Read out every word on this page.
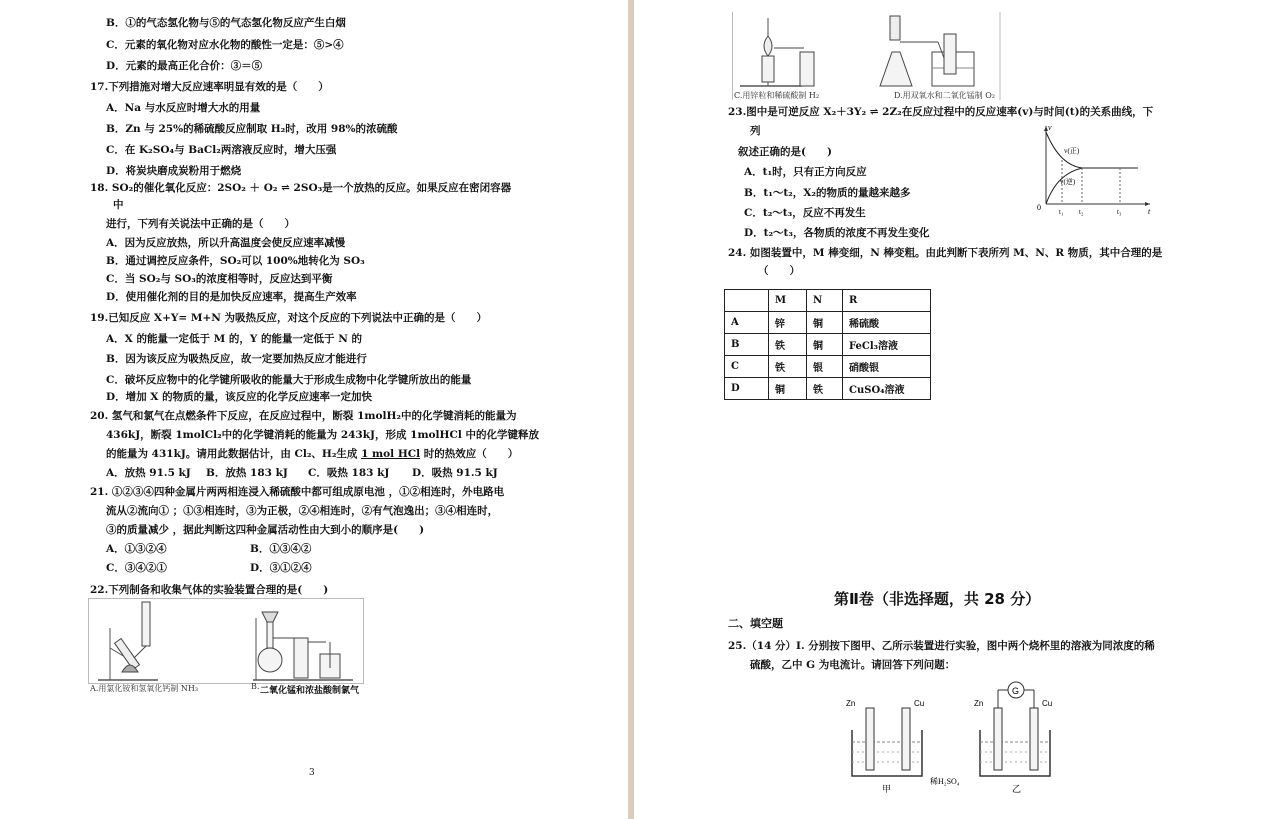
B．①的气态氢化物与⑤的气态氢化物反应产生白烟
C．元素的氧化物对应水化物的酸性一定是：⑤>④
D．元素的最高正化合价：③＝⑤
17.下列措施对增大反应速率明显有效的是（　　）
A．Na 与水反应时增大水的用量
B．Zn 与 25%的稀硫酸反应制取 H₂时，改用 98%的浓硫酸
C．在 K₂SO₄与 BaCl₂两溶液反应时，增大压强
D．将炭块磨成炭粉用于燃烧
18. SO₂的催化氧化反应：2SO₂ ＋ O₂ ⇌ 2SO₃是一个放热的反应。如果反应在密闭容器
中
进行，下列有关说法中正确的是（　　）
A．因为反应放热，所以升高温度会使反应速率减慢
B．通过调控反应条件，SO₂可以 100%地转化为 SO₃
C．当 SO₂与 SO₃的浓度相等时，反应达到平衡
D．使用催化剂的目的是加快反应速率，提高生产效率
19.已知反应 X+Y= M+N 为吸热反应，对这个反应的下列说法中正确的是（　　）
A．X 的能量一定低于 M 的，Y 的能量一定低于 N 的
B．因为该反应为吸热反应，故一定要加热反应才能进行
C．破坏反应物中的化学键所吸收的能量大于形成生成物中化学键所放出的能量
D．增加 X 的物质的量，该反应的化学反应速率一定加快
20. 氢气和氯气在点燃条件下反应，在反应过程中，断裂 1molH₂中的化学键消耗的能量为
436kJ，断裂 1molCl₂中的化学键消耗的能量为 243kJ，形成 1molHCl 中的化学键释放
的能量为 431kJ。请用此数据估计，由 Cl₂、H₂生成 1 mol HCl 时的热效应（　　）
A．放热 91.5 kJ B．放热 183 kJ C．吸热 183 kJ D．吸热 91.5 kJ
21. ①②③④四种金属片两两相连浸入稀硫酸中都可组成原电池 ，①②相连时，外电路电
流从②流向① ；①③相连时，③为正极，②④相连时，②有气泡逸出；③④相连时，
③的质量减少 ，据此判断这四种金属活动性由大到小的顺序是(　　)
A．①③②④	B．①③④②
C．③④②①	D．③①②④
22.下列制备和收集气体的实验装置合理的是(　　)
A.用氯化铵和氢氧化钙制 NH₃	B. 二氧化锰和浓盐酸制氯气
3
C.用锌粒和稀硫酸制 H₂	D.用双氧水和二氧化锰制 O₂
23.图中是可逆反应 X₂＋3Y₂ ⇌ 2Z₂在反应过程中的反应速率(v)与时间(t)的关系曲线，下
列
叙述正确的是(　　)
A．t₁时，只有正方向反应
B．t₁～t₂，X₂的物质的量越来越多
C．t₂～t₃，反应不再发生
D．t₂～t₃，各物质的浓度不再发生变化
v
t
0
v(正)
v(逆)
t₁ t₂	t₃
24. 如图装置中，M 棒变细，N 棒变粗。由此判断下表所列 M、N、R 物质，其中合理的是
（　　）
	M	N	R
A	锌	铜	稀硫酸
B	铁	铜	FeCl₃溶液
C	铁	银	硝酸银
D	铜	铁	CuSO₄溶液
第Ⅱ卷（非选择题，共 28 分）
二、填空题
25.（14 分）I. 分别按下图甲、乙所示装置进行实验，图中两个烧杯里的溶液为同浓度的稀
硫酸，乙中 G 为电流计。请回答下列问题：
G
Zn	Cu	Zn	Cu
稀H₂SO₄
甲	乙
